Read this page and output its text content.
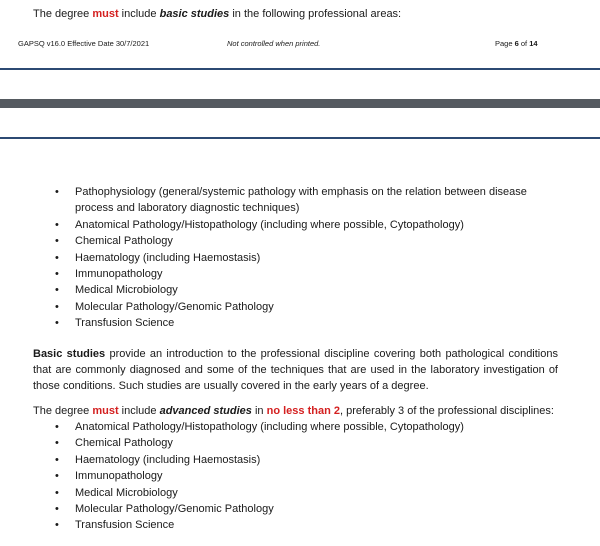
The degree must include basic studies in the following professional areas:
GAPSQ v16.0 Effective Date 30/7/2021	Not controlled when printed.	Page 6 of 14
• Pathophysiology (general/systemic pathology with emphasis on the relation between disease process and laboratory diagnostic techniques)
• Anatomical Pathology/Histopathology (including where possible, Cytopathology)
• Chemical Pathology
• Haematology (including Haemostasis)
• Immunopathology
• Medical Microbiology
• Molecular Pathology/Genomic Pathology
• Transfusion Science
Basic studies provide an introduction to the professional discipline covering both pathological conditions that are commonly diagnosed and some of the techniques that are used in the laboratory investigation of those conditions. Such studies are usually covered in the early years of a degree.
The degree must include advanced studies in no less than 2, preferably 3 of the professional disciplines:
• Anatomical Pathology/Histopathology (including where possible, Cytopathology)
• Chemical Pathology
• Haematology (including Haemostasis)
• Immunopathology
• Medical Microbiology
• Molecular Pathology/Genomic Pathology
• Transfusion Science
